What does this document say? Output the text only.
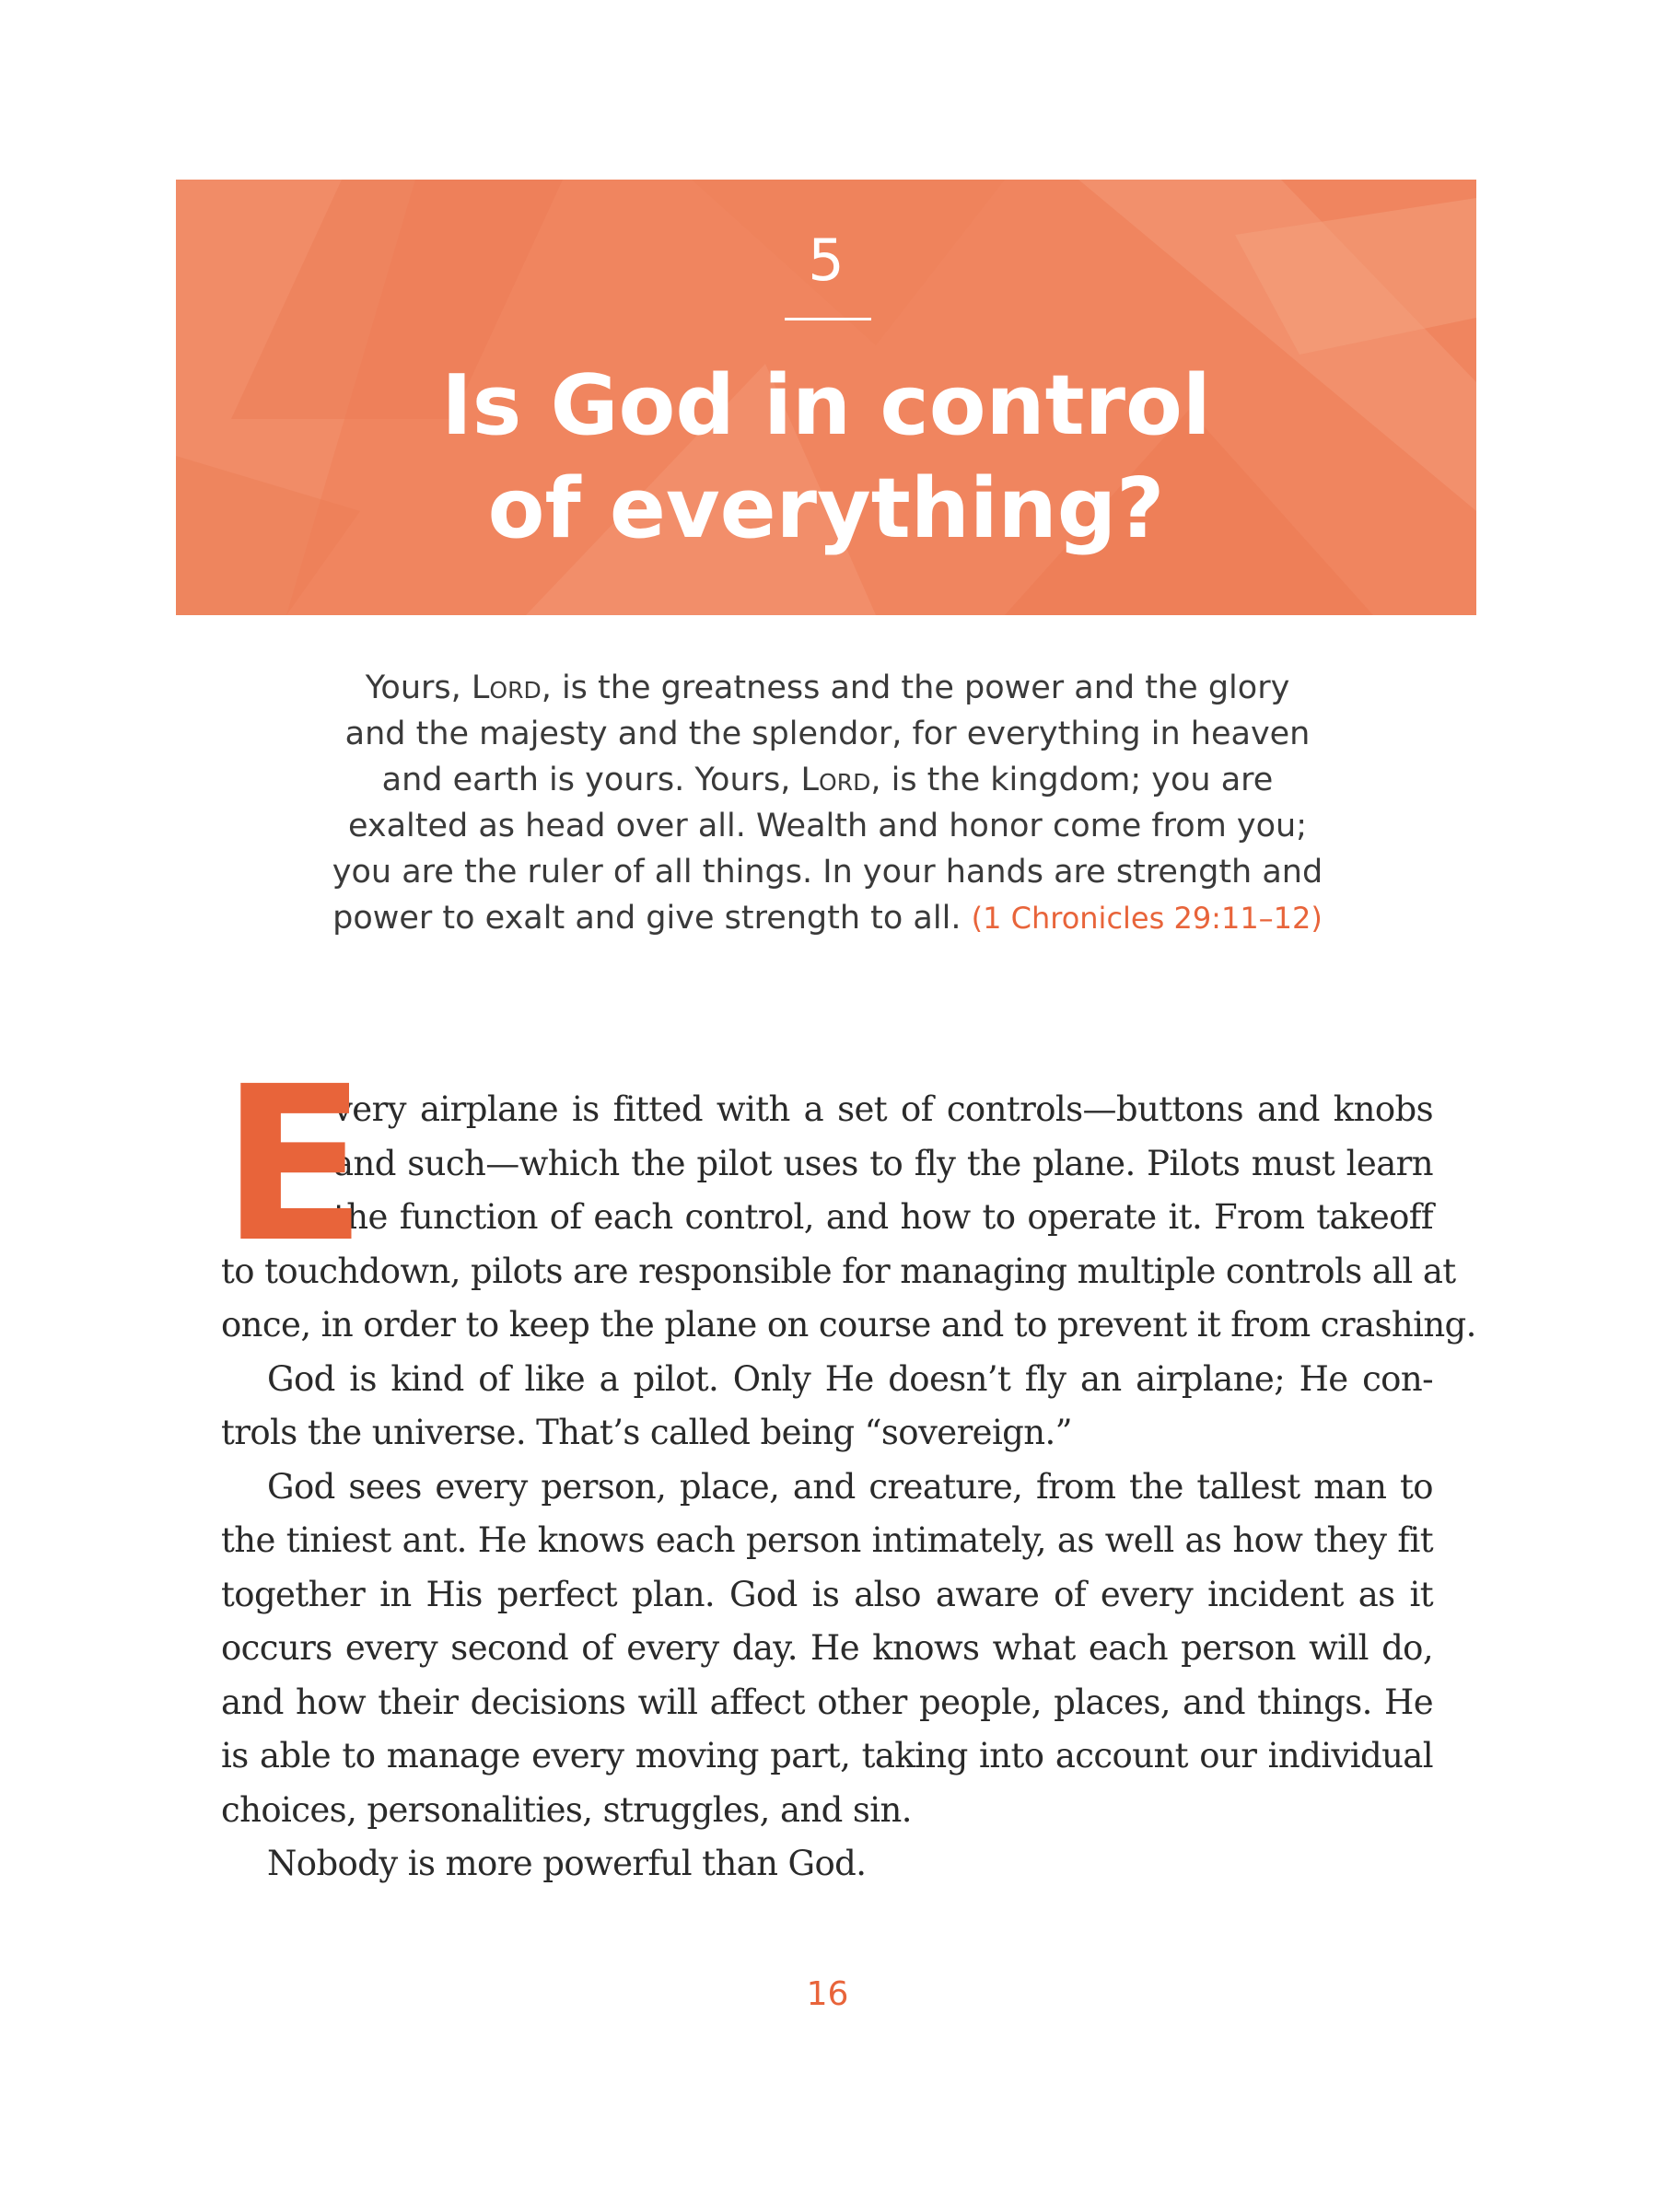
5
Is God in control
of everything?
Yours, Lord, is the greatness and the power and the glory
and the majesty and the splendor, for everything in heaven
and earth is yours. Yours, Lord, is the kingdom; you are
exalted as head over all. Wealth and honor come from you;
you are the ruler of all things. In your hands are strength and
power to exalt and give strength to all. (1 Chronicles 29:11–12)
E
very airplane is fitted with a set of controls—buttons and knobs
and such—which the pilot uses to fly the plane. Pilots must learn
the function of each control, and how to operate it. From takeoff
to touchdown, pilots are responsible for managing multiple controls all at
once, in order to keep the plane on course and to prevent it from crashing.
God is kind of like a pilot. Only He doesn’t fly an airplane; He con-
trols the universe. That’s called being “sovereign.”
God sees every person, place, and creature, from the tallest man to
the tiniest ant. He knows each person intimately, as well as how they fit
together in His perfect plan. God is also aware of every incident as it
occurs every second of every day. He knows what each person will do,
and how their decisions will affect other people, places, and things. He
is able to manage every moving part, taking into account our individual
choices, personalities, struggles, and sin.
Nobody is more powerful than God.
16
